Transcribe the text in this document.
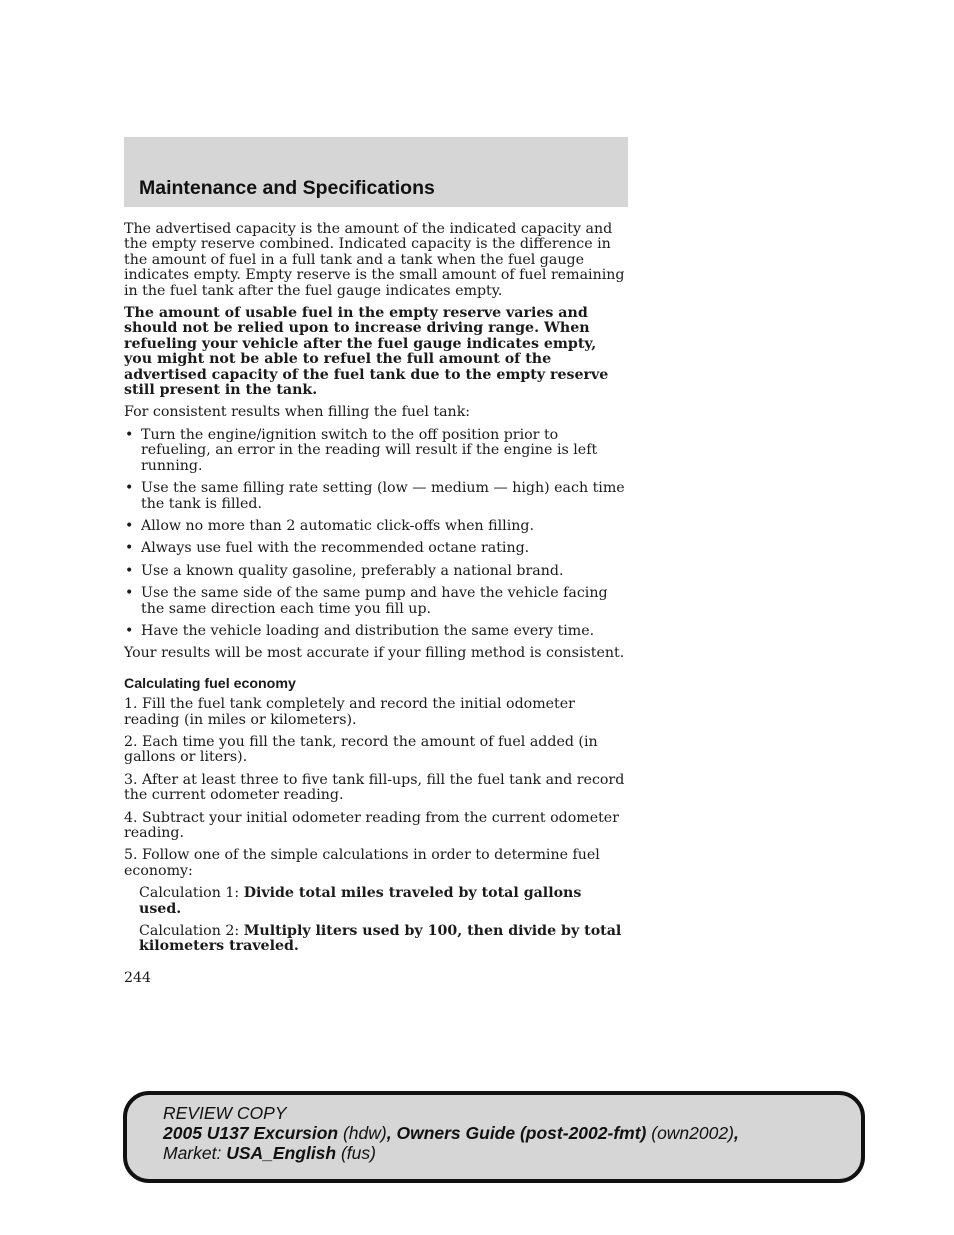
Maintenance and Specifications

The advertised capacity is the amount of the indicated capacity and the empty reserve combined. Indicated capacity is the difference in the amount of fuel in a full tank and a tank when the fuel gauge indicates empty. Empty reserve is the small amount of fuel remaining in the fuel tank after the fuel gauge indicates empty.

The amount of usable fuel in the empty reserve varies and should not be relied upon to increase driving range. When refueling your vehicle after the fuel gauge indicates empty, you might not be able to refuel the full amount of the advertised capacity of the fuel tank due to the empty reserve still present in the tank.

For consistent results when filling the fuel tank:

• Turn the engine/ignition switch to the off position prior to refueling, an error in the reading will result if the engine is left running.
• Use the same filling rate setting (low — medium — high) each time the tank is filled.
• Allow no more than 2 automatic click-offs when filling.
• Always use fuel with the recommended octane rating.
• Use a known quality gasoline, preferably a national brand.
• Use the same side of the same pump and have the vehicle facing the same direction each time you fill up.
• Have the vehicle loading and distribution the same every time.

Your results will be most accurate if your filling method is consistent.

Calculating fuel economy

1. Fill the fuel tank completely and record the initial odometer reading (in miles or kilometers).

2. Each time you fill the tank, record the amount of fuel added (in gallons or liters).

3. After at least three to five tank fill-ups, fill the fuel tank and record the current odometer reading.

4. Subtract your initial odometer reading from the current odometer reading.

5. Follow one of the simple calculations in order to determine fuel economy:

Calculation 1: Divide total miles traveled by total gallons used.

Calculation 2: Multiply liters used by 100, then divide by total kilometers traveled.

244
REVIEW COPY
2005 U137 Excursion (hdw), Owners Guide (post-2002-fmt) (own2002),
Market: USA_English (fus)
